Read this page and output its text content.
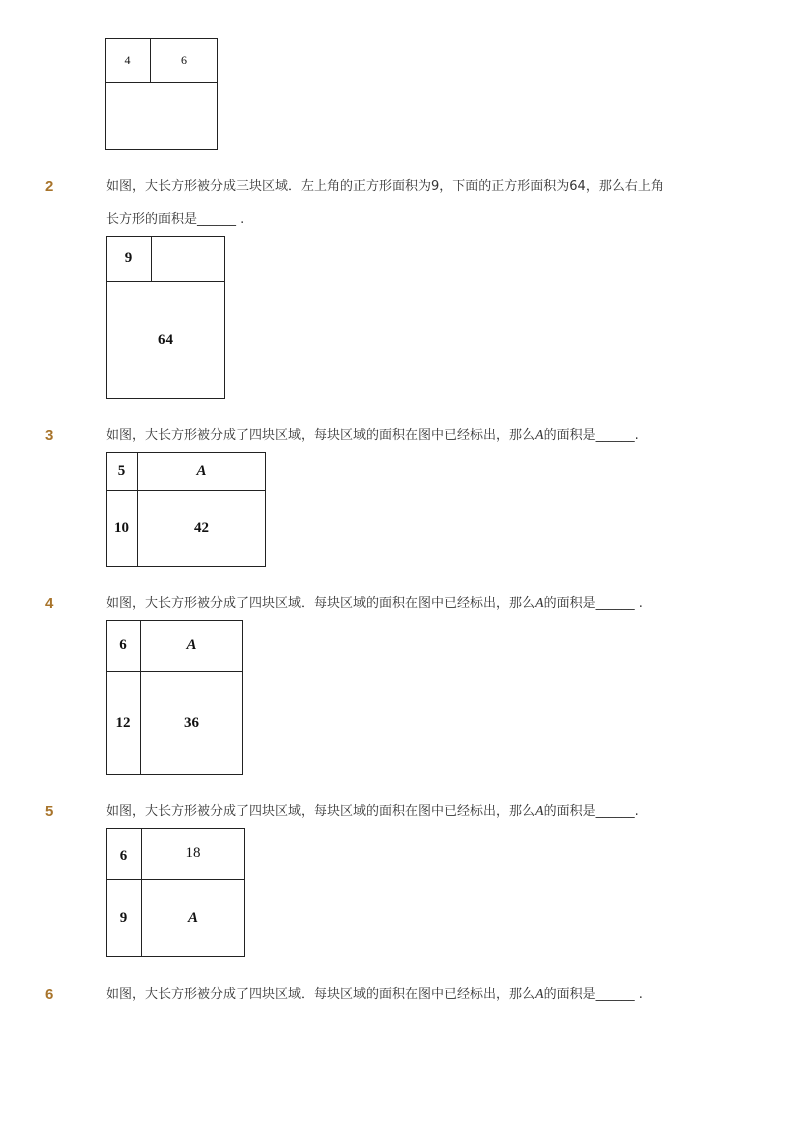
4	6
2	如图，大长方形被分成三块区域．左上角的正方形面积为9，下面的正方形面积为64，那么右上角
长方形的面积是______ .
9
64
3	如图，大长方形被分成了四块区域，每块区域的面积在图中已经标出，那么A的面积是______.
5	A
10	42
4	如图，大长方形被分成了四块区域．每块区域的面积在图中已经标出，那么A的面积是______ .
6	A
12	36
5	如图，大长方形被分成了四块区域，每块区域的面积在图中已经标出，那么A的面积是______.
6	18
9	A
6	如图，大长方形被分成了四块区域．每块区域的面积在图中已经标出，那么A的面积是______ .
